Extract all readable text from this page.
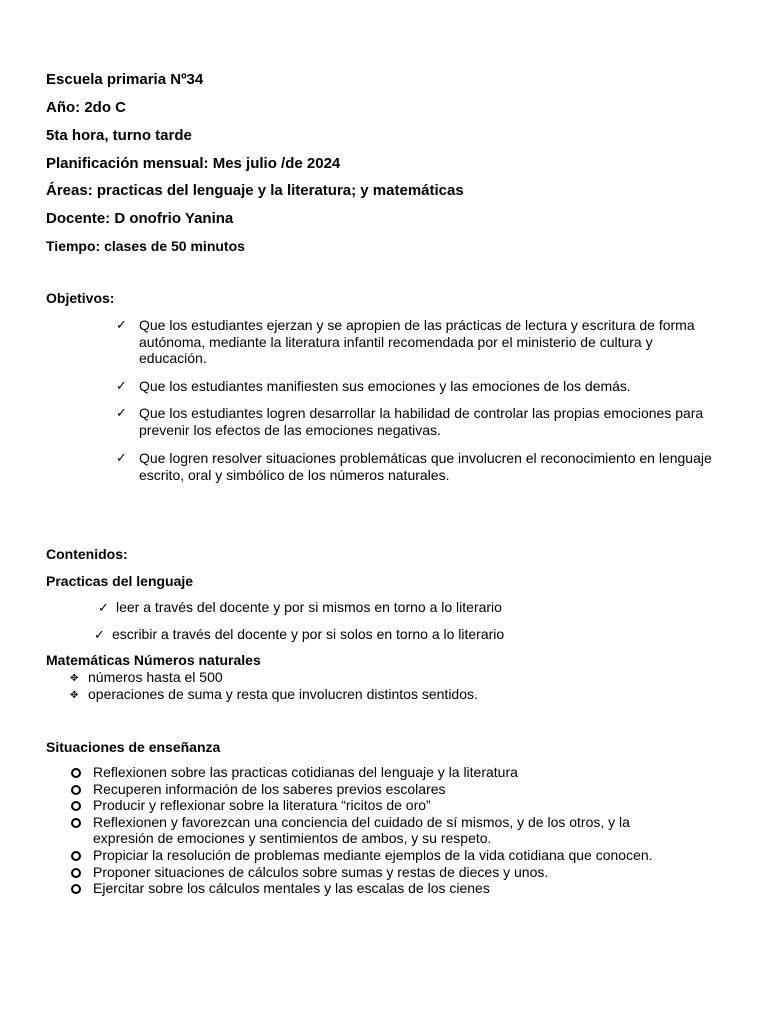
Escuela primaria Nº34

Año: 2do C

5ta hora, turno tarde

Planificación mensual: Mes julio /de 2024

Áreas: practicas del lenguaje y la literatura; y matemáticas

Docente: D onofrio Yanina

Tiempo: clases de 50 minutos

Objetivos:

✓ Que los estudiantes ejerzan y se apropien de las prácticas de lectura y escritura de forma autónoma, mediante la literatura infantil recomendada por el ministerio de cultura y educación.
✓ Que los estudiantes manifiesten sus emociones y las emociones de los demás.
✓ Que los estudiantes logren desarrollar la habilidad de controlar las propias emociones para prevenir los efectos de las emociones negativas.
✓ Que logren resolver situaciones problemáticas que involucren el reconocimiento en lenguaje escrito, oral y simbólico de los números naturales.

Contenidos:

Practicas del lenguaje

✓ leer a través del docente y por si mismos en torno a lo literario
✓ escribir a través del docente y por si solos en torno a lo literario

Matemáticas Números naturales

✥ números hasta el 500
✥ operaciones de suma y resta que involucren distintos sentidos.

Situaciones de enseñanza

Reflexionen sobre las practicas cotidianas del lenguaje y la literatura
Recuperen información de los saberes previos escolares
Producir y reflexionar sobre la literatura “ricitos de oro”
Reflexionen y favorezcan una conciencia del cuidado de sí mismos, y de los otros, y la expresión de emociones y sentimientos de ambos, y su respeto.
Propiciar la resolución de problemas mediante ejemplos de la vida cotidiana que conocen.
Proponer situaciones de cálculos sobre sumas y restas de dieces y unos.
Ejercitar sobre los cálculos mentales y las escalas de los cienes
